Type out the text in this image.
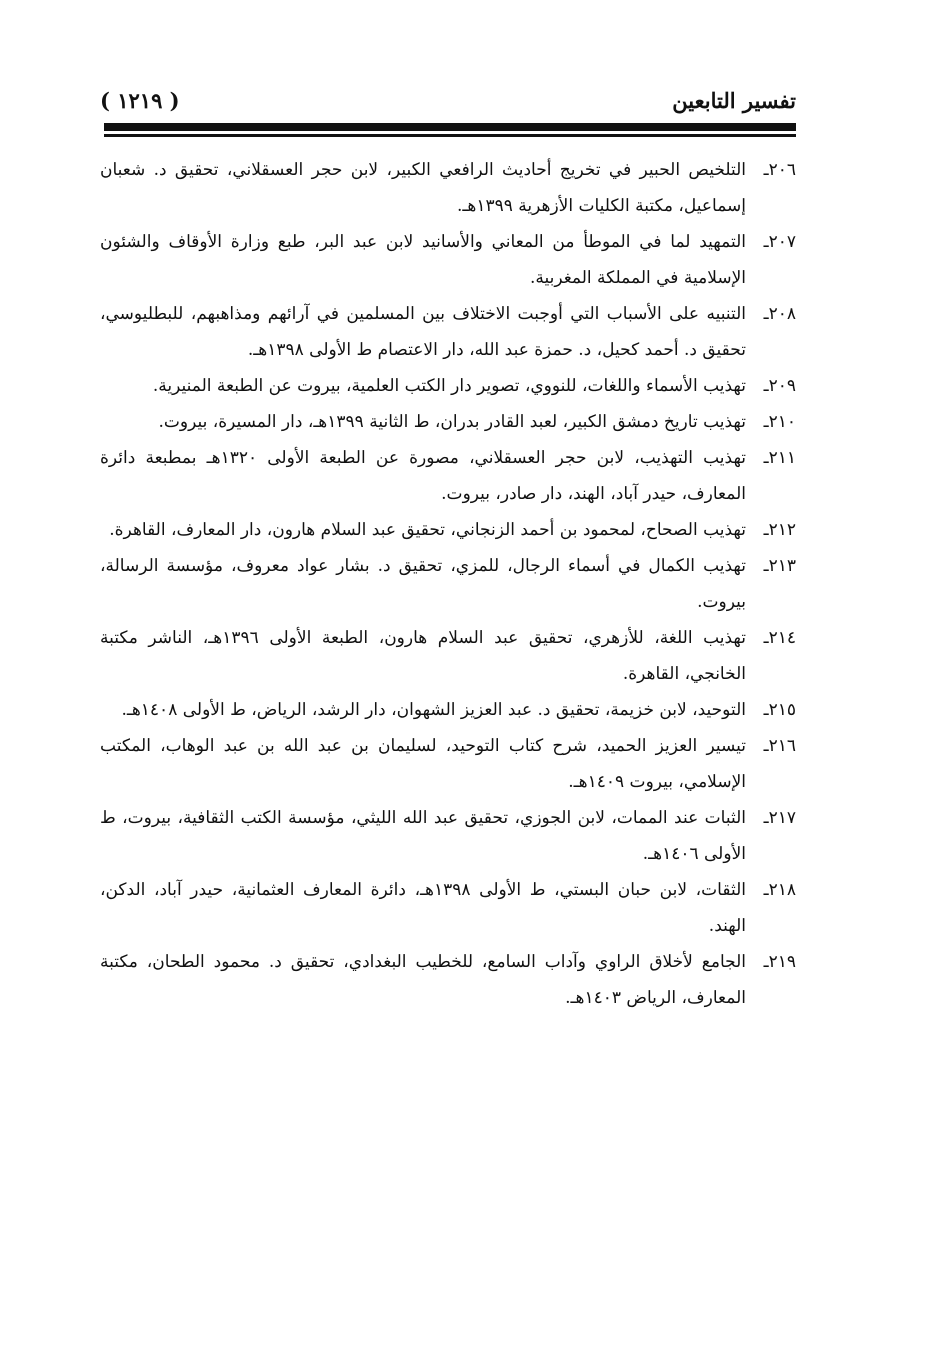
تفسير التابعين
( ١٢١٩ )

٢٠٦ـالتلخيص الحبير في تخريج أحاديث الرافعي الكبير، لابن حجر العسقلاني، تحقيق د. شعبان إسماعيل، مكتبة الكليات الأزهرية ١٣٩٩هـ.

٢٠٧ـالتمهيد لما في الموطأ من المعاني والأسانيد لابن عبد البر، طبع وزارة الأوقاف والشئون الإسلامية في المملكة المغربية.

٢٠٨ـالتنبيه على الأسباب التي أوجبت الاختلاف بين المسلمين في آرائهم ومذاهبهم، للبطليوسي، تحقيق د. أحمد كحيل، د. حمزة عبد الله، دار الاعتصام ط الأولى ١٣٩٨هـ.

٢٠٩ـتهذيب الأسماء واللغات، للنووي، تصوير دار الكتب العلمية، بيروت عن الطبعة المنيرية.

٢١٠ـتهذيب تاريخ دمشق الكبير، لعبد القادر بدران، ط الثانية ١٣٩٩هـ، دار المسيرة، بيروت.

٢١١ـتهذيب التهذيب، لابن حجر العسقلاني، مصورة عن الطبعة الأولى ١٣٢٠هـ بمطبعة دائرة المعارف، حيدر آباد، الهند، دار صادر، بيروت.

٢١٢ـتهذيب الصحاح، لمحمود بن أحمد الزنجاني، تحقيق عبد السلام هارون، دار المعارف، القاهرة.

٢١٣ـتهذيب الكمال في أسماء الرجال، للمزي، تحقيق د. بشار عواد معروف، مؤسسة الرسالة، بيروت.

٢١٤ـتهذيب اللغة، للأزهري، تحقيق عبد السلام هارون، الطبعة الأولى ١٣٩٦هـ، الناشر مكتبة الخانجي، القاهرة.

٢١٥ـالتوحيد، لابن خزيمة، تحقيق د. عبد العزيز الشهوان، دار الرشد، الرياض، ط الأولى ١٤٠٨هـ.

٢١٦ـتيسير العزيز الحميد، شرح كتاب التوحيد، لسليمان بن عبد الله بن عبد الوهاب، المكتب الإسلامي، بيروت ١٤٠٩هـ.

٢١٧ـالثبات عند الممات، لابن الجوزي، تحقيق عبد الله الليثي، مؤسسة الكتب الثقافية، بيروت، ط الأولى ١٤٠٦هـ.

٢١٨ـالثقات، لابن حبان البستي، ط الأولى ١٣٩٨هـ، دائرة المعارف العثمانية، حيدر آباد، الدكن، الهند.

٢١٩ـالجامع لأخلاق الراوي وآداب السامع، للخطيب البغدادي، تحقيق د. محمود الطحان، مكتبة المعارف، الرياض ١٤٠٣هـ.
